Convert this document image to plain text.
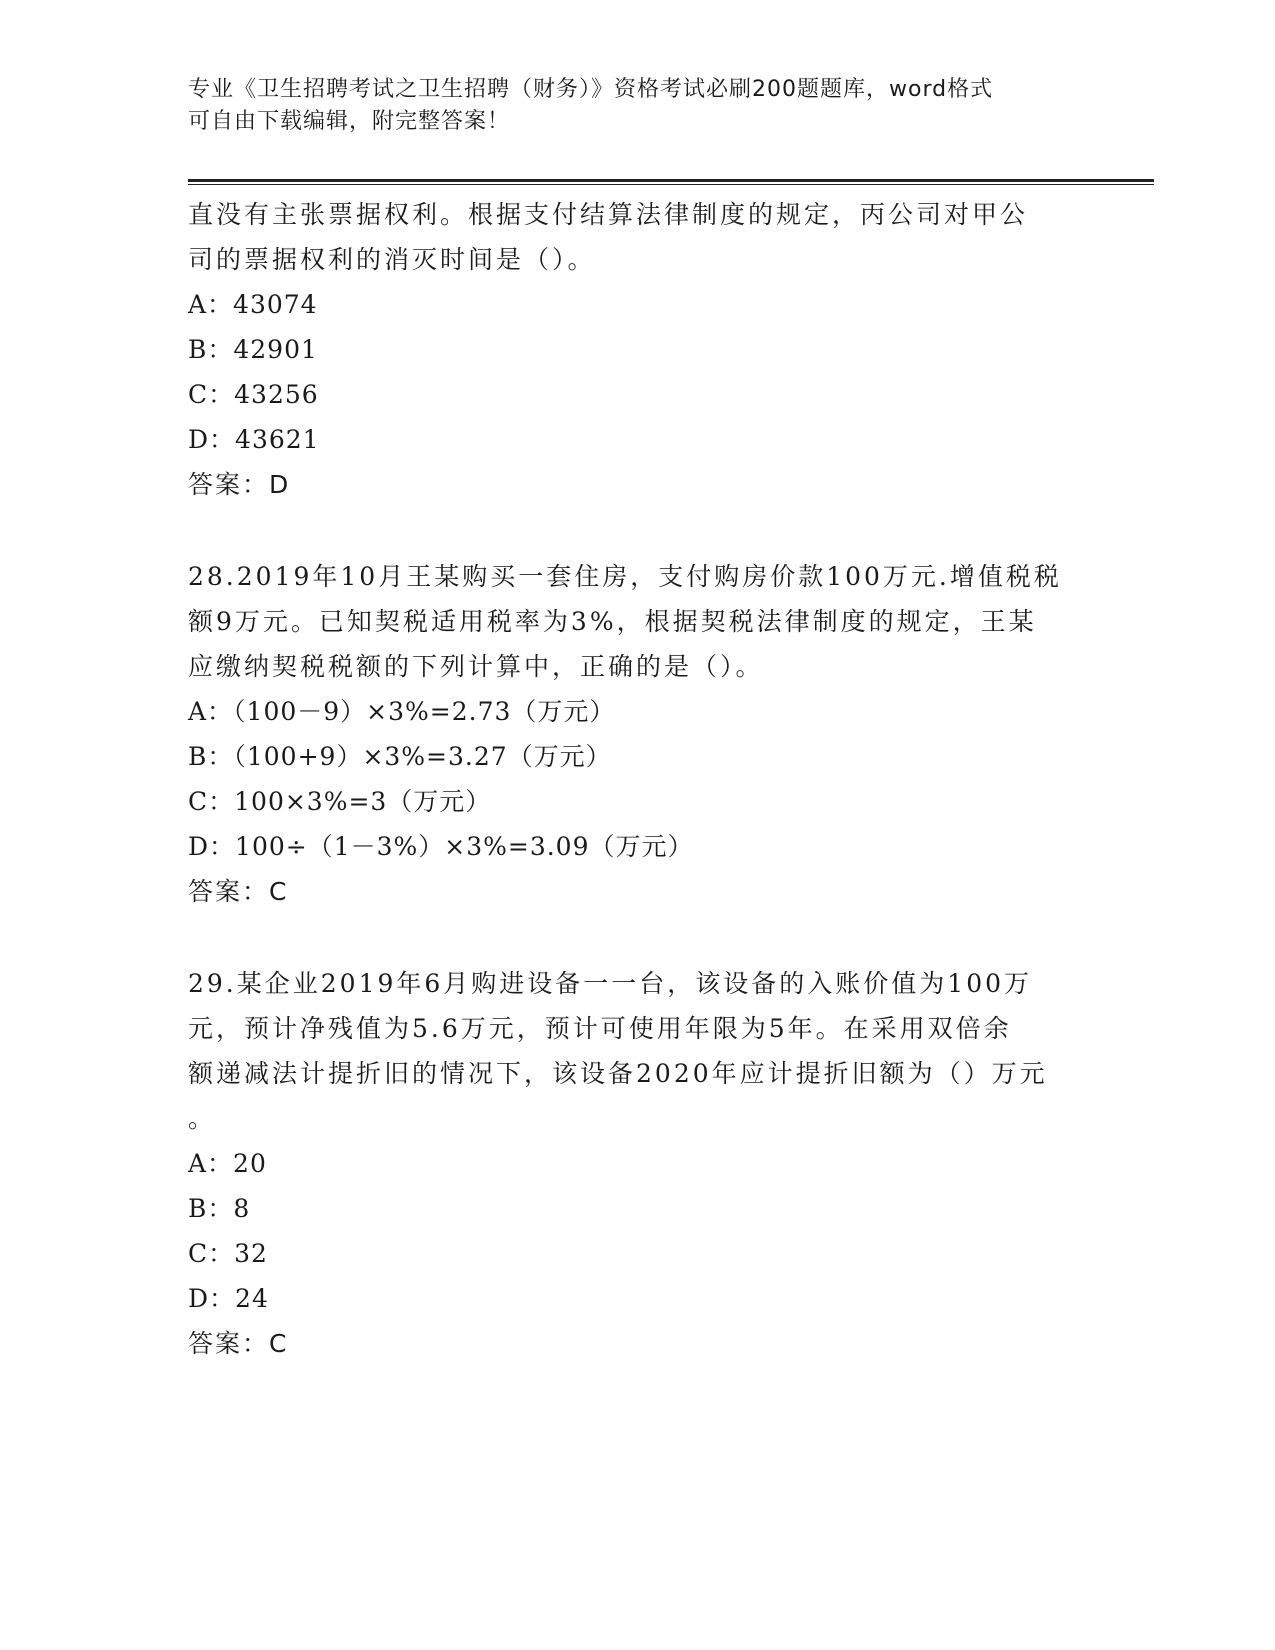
专业《卫生招聘考试之卫生招聘（财务）》资格考试必刷200题题库，word格式
可自由下载编辑，附完整答案！
直没有主张票据权利。根据支付结算法律制度的规定，丙公司对甲公
司的票据权利的消灭时间是（）。
A：43074
B：42901
C：43256
D：43621
答案：D
28.2019年10月王某购买一套住房，支付购房价款100万元.增值税税
额9万元。已知契税适用税率为3%，根据契税法律制度的规定，王某
应缴纳契税税额的下列计算中，正确的是（）。
A：（100－9）×3%=2.73（万元）
B：（100+9）×3%=3.27（万元）
C：100×3%=3（万元）
D：100÷（1－3%）×3%=3.09（万元）
答案：C
29.某企业2019年6月购进设备一一台，该设备的入账价值为100万
元，预计净残值为5.6万元，预计可使用年限为5年。在采用双倍余
额递减法计提折旧的情况下，该设备2020年应计提折旧额为（）万元
。
A：20
B：8
C：32
D：24
答案：C
